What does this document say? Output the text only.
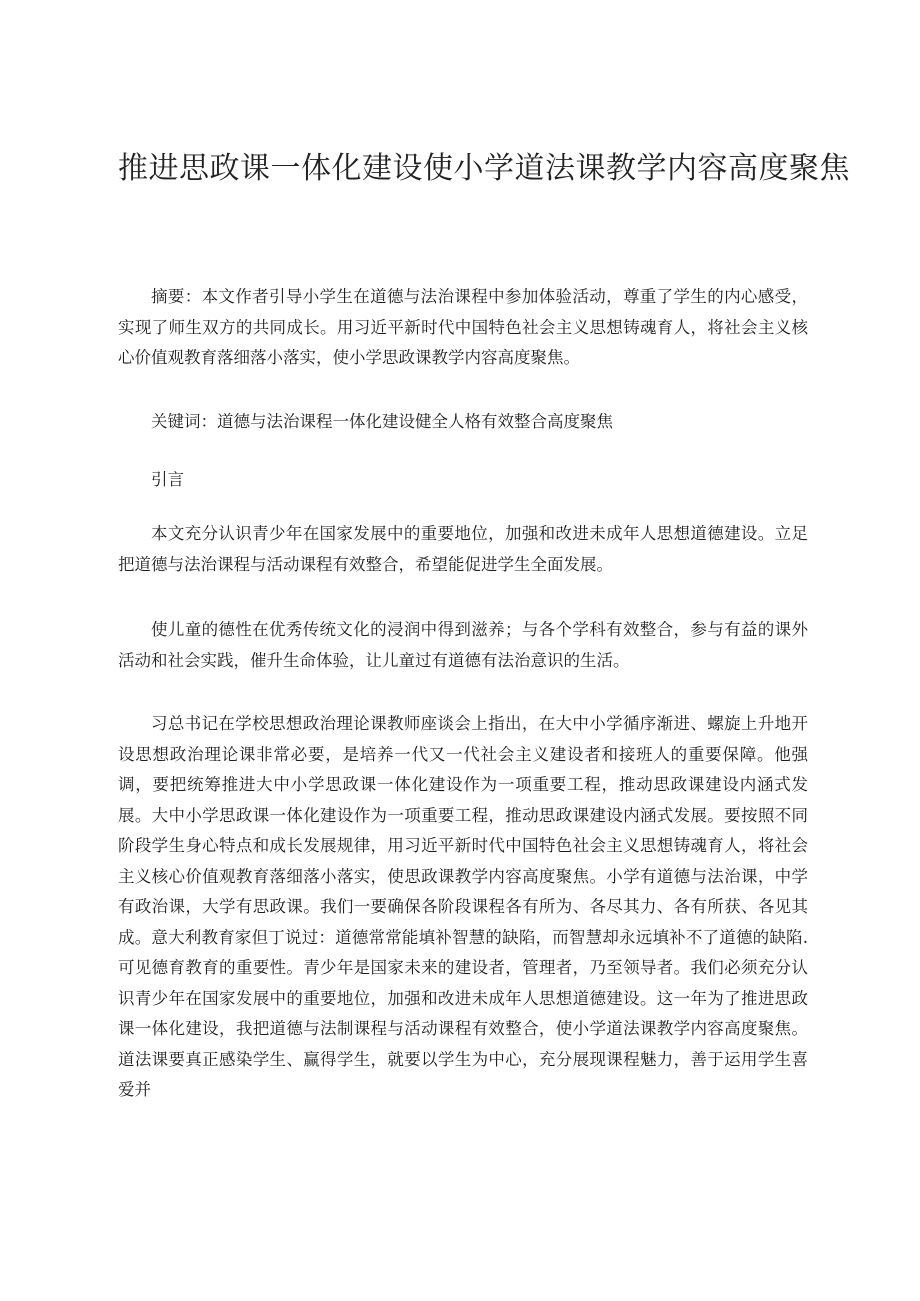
推进思政课一体化建设使小学道法课教学内容高度聚焦
摘要：本文作者引导小学生在道德与法治课程中参加体验活动，尊重了学生的内心感受，实现了师生双方的共同成长。用习近平新时代中国特色社会主义思想铸魂育人，将社会主义核心价值观教育落细落小落实，使小学思政课教学内容高度聚焦。
关键词：道德与法治课程一体化建设健全人格有效整合高度聚焦
引言
本文充分认识青少年在国家发展中的重要地位，加强和改进未成年人思想道德建设。立足把道德与法治课程与活动课程有效整合，希望能促进学生全面发展。
使儿童的德性在优秀传统文化的浸润中得到滋养；与各个学科有效整合，参与有益的课外活动和社会实践，催升生命体验，让儿童过有道德有法治意识的生活。
习总书记在学校思想政治理论课教师座谈会上指出，在大中小学循序渐进、螺旋上升地开设思想政治理论课非常必要，是培养一代又一代社会主义建设者和接班人的重要保障。他强调，要把统筹推进大中小学思政课一体化建设作为一项重要工程，推动思政课建设内涵式发展。大中小学思政课一体化建设作为一项重要工程，推动思政课建设内涵式发展。要按照不同阶段学生身心特点和成长发展规律，用习近平新时代中国特色社会主义思想铸魂育人，将社会主义核心价值观教育落细落小落实，使思政课教学内容高度聚焦。小学有道德与法治课，中学有政治课，大学有思政课。我们一要确保各阶段课程各有所为、各尽其力、各有所获、各见其成。意大利教育家但丁说过：道德常常能填补智慧的缺陷，而智慧却永远填补不了道德的缺陷.可见德育教育的重要性。青少年是国家未来的建设者，管理者，乃至领导者。我们必须充分认识青少年在国家发展中的重要地位，加强和改进未成年人思想道德建设。这一年为了推进思政课一体化建设，我把道德与法制课程与活动课程有效整合，使小学道法课教学内容高度聚焦。道法课要真正感染学生、赢得学生，就要以学生为中心，充分展现课程魅力，善于运用学生喜爱并
